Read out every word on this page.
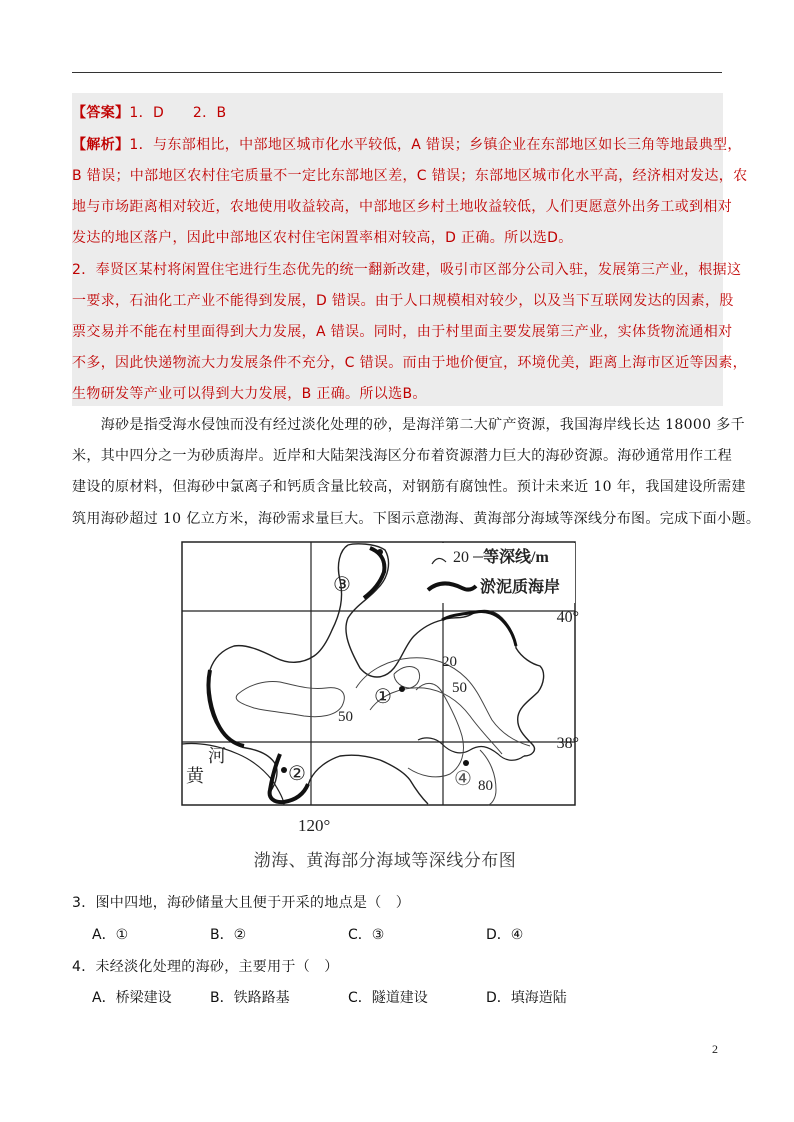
【答案】1．D　　2．B
【解析】1．与东部相比，中部地区城市化水平较低，A 错误；乡镇企业在东部地区如长三角等地最典型，
B 错误；中部地区农村住宅质量不一定比东部地区差，C 错误；东部地区城市化水平高，经济相对发达，农
地与市场距离相对较近，农地使用收益较高，中部地区乡村土地收益较低，人们更愿意外出务工或到相对
发达的地区落户，因此中部地区农村住宅闲置率相对较高，D 正确。所以选D。
2．奉贤区某村将闲置住宅进行生态优先的统一翻新改建，吸引市区部分公司入驻，发展第三产业，根据这
一要求，石油化工产业不能得到发展，D 错误。由于人口规模相对较少，以及当下互联网发达的因素，股
票交易并不能在村里面得到大力发展，A 错误。同时，由于村里面主要发展第三产业，实体货物流通相对
不多，因此快递物流大力发展条件不充分，C 错误。而由于地价便宜，环境优美，距离上海市区近等因素，
生物研发等产业可以得到大力发展，B 正确。所以选B。
　　海砂是指受海水侵蚀而没有经过淡化处理的砂，是海洋第二大矿产资源，我国海岸线长达 18000 多千
米，其中四分之一为砂质海岸。近岸和大陆架浅海区分布着资源潜力巨大的海砂资源。海砂通常用作工程
建设的原材料，但海砂中氯离子和钙质含量比较高，对钢筋有腐蚀性。预计未来近 10 年，我国建设所需建
筑用海砂超过 10 亿立方米，海砂需求量巨大。下图示意渤海、黄海部分海域等深线分布图。完成下面小题。
20 等深线/m
淤泥质海岸
40°
38°
20
50
50
80
③
①
②	④
河
黄
120°
渤海、黄海部分海域等深线分布图
3．图中四地，海砂储量大且便于开采的地点是（　）
A．①	B．②	C．③	D．④
4．未经淡化处理的海砂，主要用于（　）
A．桥梁建设	B．铁路路基	C．隧道建设	D．填海造陆
2
